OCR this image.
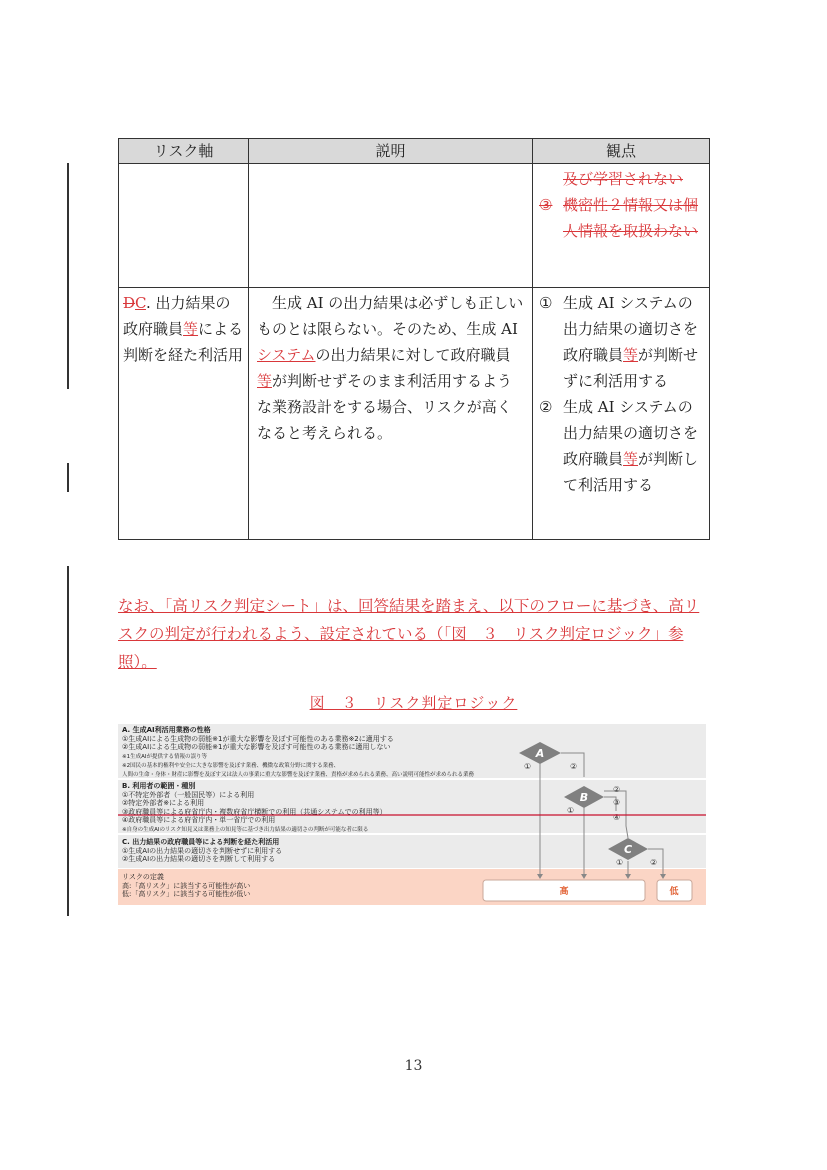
リスク軸	説明	観点

		及び学習されない
③ 機密性２情報又は個人情報を取扱わない

DC. 出力結果の政府職員等による判断を経た利活用	生成 AI の出力結果は必ずしも正しいものとは限らない。そのため、生成 AI システムの出力結果に対して政府職員等が判断せずそのまま利活用するような業務設計をする場合、リスクが高くなると考えられる。	① 生成 AI システムの出力結果の適切さを政府職員等が判断せずに利活用する
② 生成 AI システムの出力結果の適切さを政府職員等が判断して利活用する
なお、「高リスク判定シート」は、回答結果を踏まえ、以下のフローに基づき、高リスクの判定が行われるよう、設定されている（「図　３　リスク判定ロジック」参照）。
図　３　リスク判定ロジック
A
B
C
①	②
①
②
③
④
①	②
高	低
A. 生成AI利活用業務の性格
①生成AIによる生成物の弱能※1が重大な影響を及ぼす可能性のある業務※2に適用する
②生成AIによる生成物の弱能※1が重大な影響を及ぼす可能性のある業務に適用しない
※1生成AIが提供する情報の誤り等
※2国民の基本的権利や安全に大きな影響を及ぼす業務、機微な政策分野に関する業務、
人間の生命・身体・財産に影響を及ぼす又は法人の事業に重大な影響を及ぼす業務、責格が求められる業務、高い説明可能性が求められる業務
B. 利用者の範囲・種別
①不特定外部者（一般国民等）による利用
②特定外部者※による利用
③政府職員等による府省庁内・複数府省庁横断での利用（共通システムでの利用等）
④政府職員等による府省庁内・単一省庁での利用
※自身の生成AIのリスク知見又は業務上の知見等に基づき出力結果の適切さの判断が可能な者に限る
C. 出力結果の政府職員等による判断を経た利活用
①生成AIの出力結果の適切さを判断せずに利用する
②生成AIの出力結果の適切さを判断して利用する
リスクの定義
高:「高リスク」に該当する可能性が高い
低:「高リスク」に該当する可能性が低い
13
